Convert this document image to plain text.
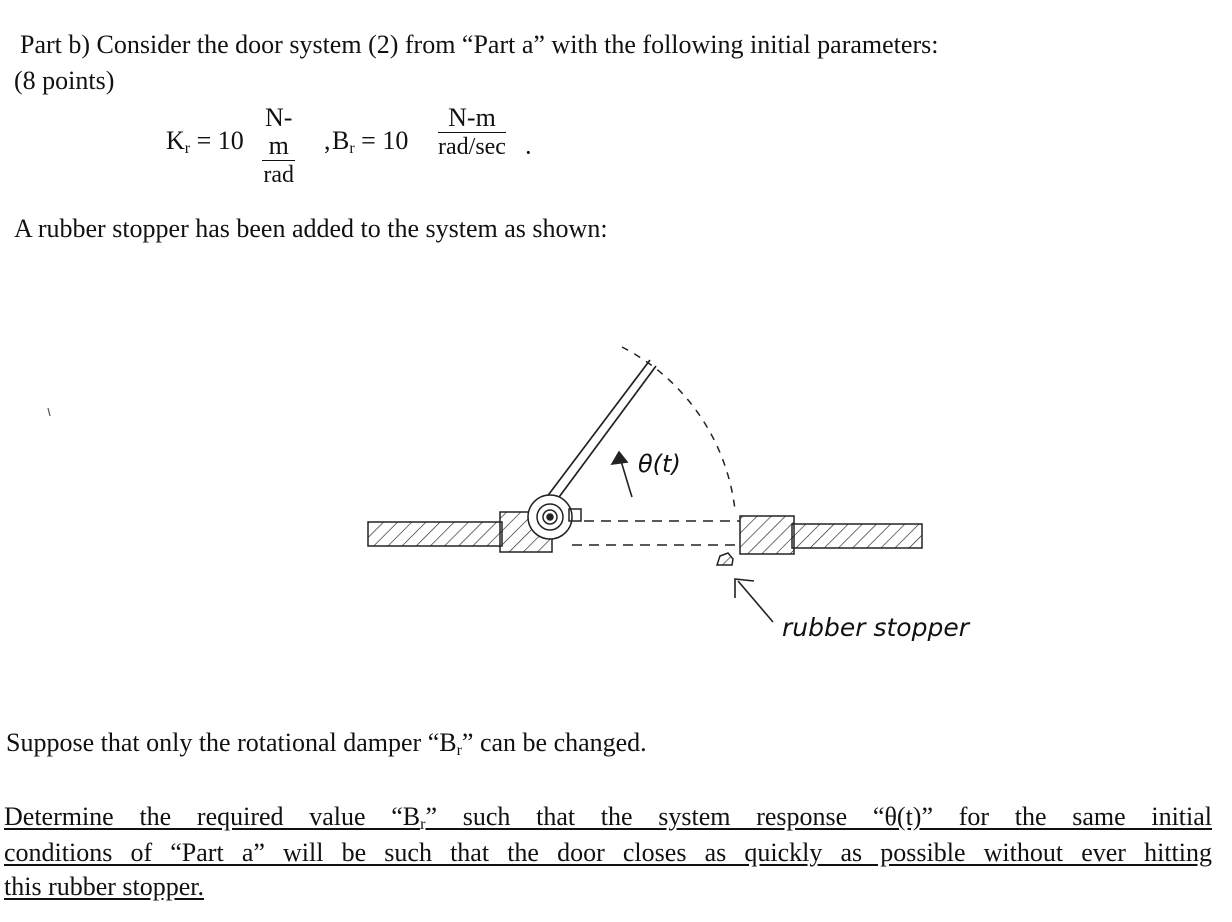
Part b) Consider the door system (2) from “Part a” with the following initial parameters:
(8 points)
$K_r = 10$
N-m
rad
, $B_r = 10$
N-m
rad/sec ·
A rubber stopper has been added to the system as shown:
θ(t)
rubber stopper
Suppose that only the rotational damper “$B_r$” can be changed.
Determine the required value “$B_r$” such that the system response “θ(t)” for the same initial
conditions of “Part a” will be such that the door closes as quickly as possible without ever hitting
this rubber stopper.
